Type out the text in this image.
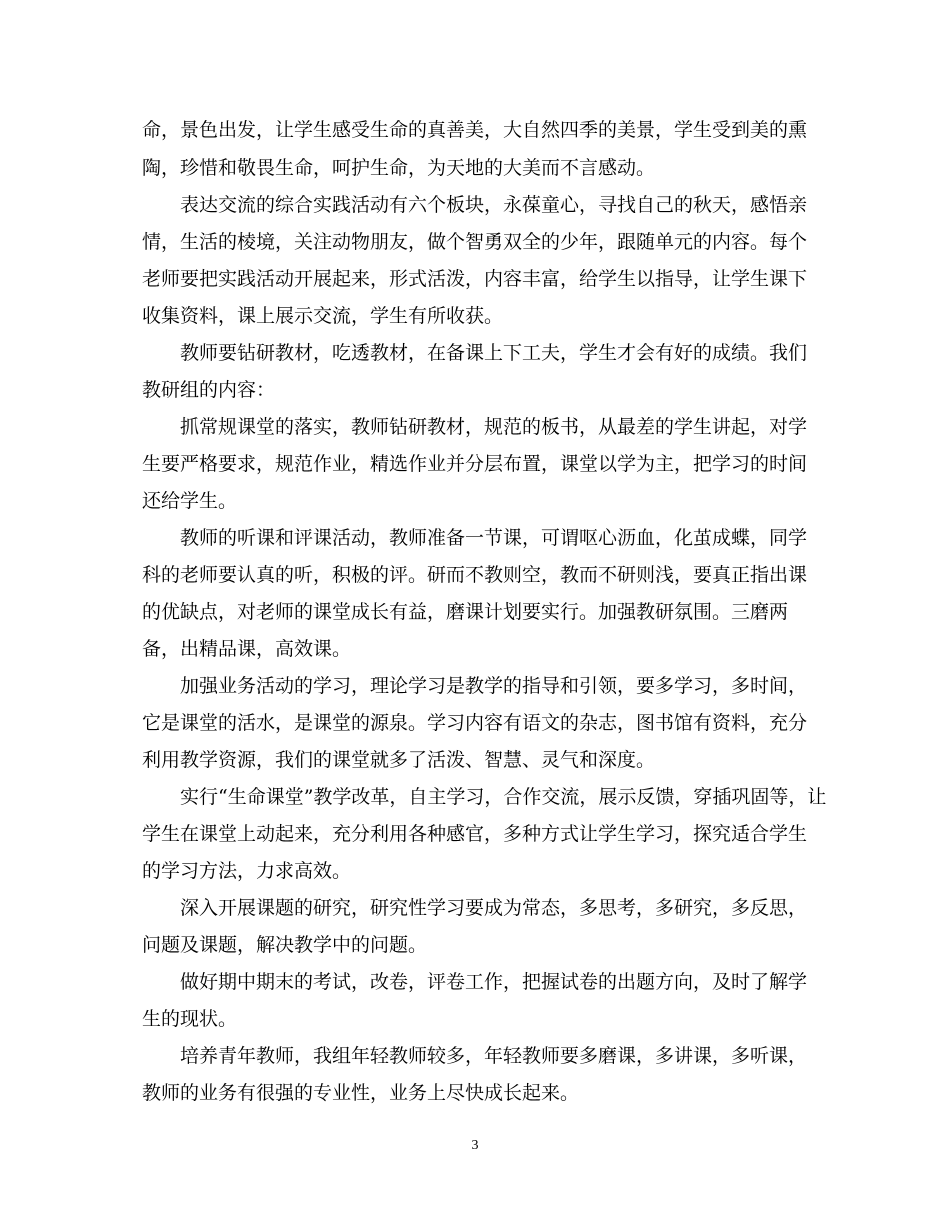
命，景色出发，让学生感受生命的真善美，大自然四季的美景，学生受到美的熏
陶，珍惜和敬畏生命，呵护生命，为天地的大美而不言感动。
表达交流的综合实践活动有六个板块，永葆童心，寻找自己的秋天，感悟亲
情，生活的棱境，关注动物朋友，做个智勇双全的少年，跟随单元的内容。每个
老师要把实践活动开展起来，形式活泼，内容丰富，给学生以指导，让学生课下
收集资料，课上展示交流，学生有所收获。
教师要钻研教材，吃透教材，在备课上下工夫，学生才会有好的成绩。我们
教研组的内容：
抓常规课堂的落实，教师钻研教材，规范的板书，从最差的学生讲起，对学
生要严格要求，规范作业，精选作业并分层布置，课堂以学为主，把学习的时间
还给学生。
教师的听课和评课活动，教师准备一节课，可谓呕心沥血，化茧成蝶，同学
科的老师要认真的听，积极的评。研而不教则空，教而不研则浅，要真正指出课
的优缺点，对老师的课堂成长有益，磨课计划要实行。加强教研氛围。三磨两
备，出精品课，高效课。
加强业务活动的学习，理论学习是教学的指导和引领，要多学习，多时间，
它是课堂的活水，是课堂的源泉。学习内容有语文的杂志，图书馆有资料，充分
利用教学资源，我们的课堂就多了活泼、智慧、灵气和深度。
实行“生命课堂”教学改革，自主学习，合作交流，展示反馈，穿插巩固等，让
学生在课堂上动起来，充分利用各种感官，多种方式让学生学习，探究适合学生
的学习方法，力求高效。
深入开展课题的研究，研究性学习要成为常态，多思考，多研究，多反思，
问题及课题，解决教学中的问题。
做好期中期末的考试，改卷，评卷工作，把握试卷的出题方向，及时了解学
生的现状。
培养青年教师，我组年轻教师较多，年轻教师要多磨课，多讲课，多听课，
教师的业务有很强的专业性，业务上尽快成长起来。
3
